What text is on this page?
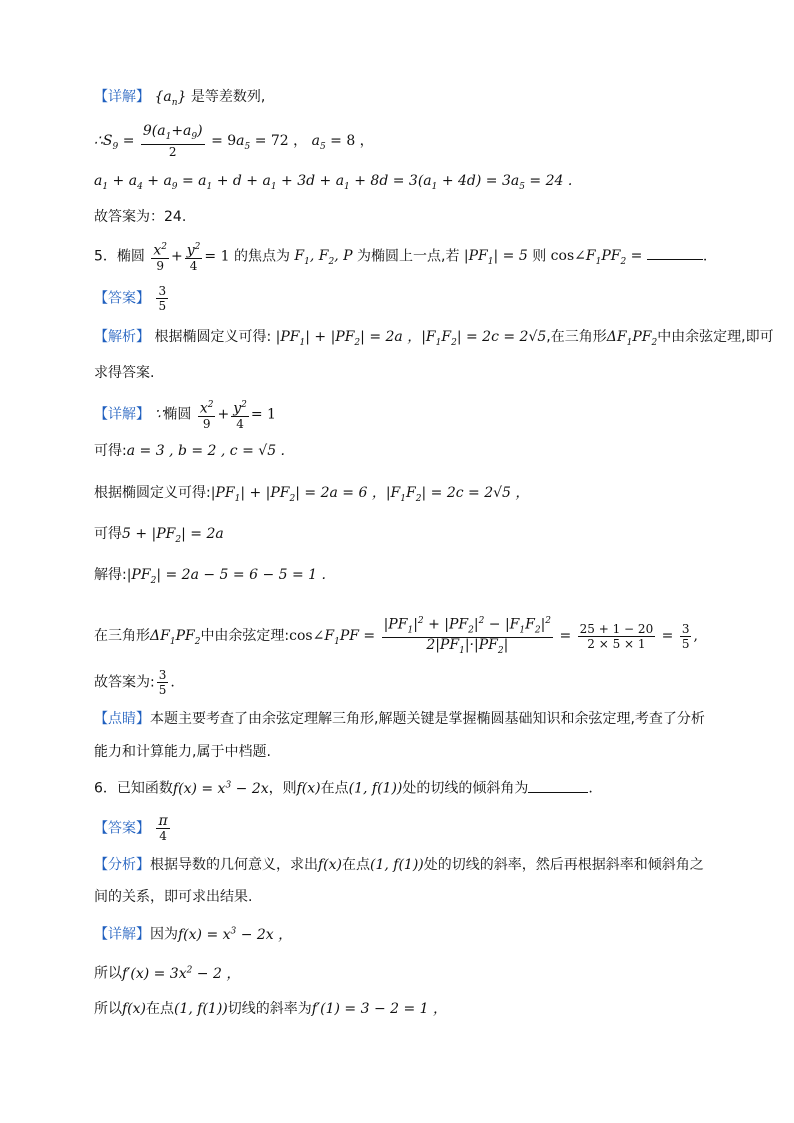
【详解】 $\{a_n\}$ 是等差数列,
$\therefore S_9 = \frac{9(a_1+a_9)}{2} = 9a_5 = 72$ ， $a_5 = 8$ ，
$a_1 + a_4 + a_9 = a_1 + d + a_1 + 3d + a_1 + 8d = 3(a_1 + 4d) = 3a_5 = 24$ .
故答案为：24.
5．椭圆 $\frac{x^2}{9} + \frac{y^2}{4} = 1$ 的焦点为 $F_1$, $F_2$, P 为椭圆上一点,若 $|PF_1| = 5$ 则 $\cos\angle F_1PF_2$ =	.
【答案】 $\frac{3}{5}$
【解析】 根据椭圆定义可得: $|PF_1| + |PF_2| = 2a$ ，$|F_1F_2| = 2c = 2√5$,在三角形$\Delta F_1PF_2$中由余弦定理,即可
求得答案.
【详解】 ∵椭圆 $\frac{x^2}{9} + \frac{y^2}{4} = 1$
可得:a = 3 , b = 2 , c = √5 .
根据椭圆定义可得$:|PF_1| + |PF_2| = 2a = 6$ ，$|F_1F_2| = 2c = 2√5$ ，
可得$5 + |PF_2| = 2a$
解得$:|PF_2| = 2a - 5 = 6 - 5 = 1$ .
在三角形$\Delta F_1PF_2$中由余弦定理$:\cos\angle F_1PF = \frac{|PF_1|^2 + |PF_2|^2 - |F_1F_2|^2}{2|PF_1|\cdot|PF_2|} = \frac{25 + 1 - 20}{2 \times 5 \times 1} = \frac{3}{5}$ ,
故答案为: $\frac{3}{5}$ .
【点睛】本题主要考查了由余弦定理解三角形,解题关键是掌握椭圆基础知识和余弦定理,考查了分析
能力和计算能力,属于中档题.
6．已知函数$f(x) = x^3 - 2x$，则f(x)在点(1, f(1))处的切线的倾斜角为	.
【答案】 $\frac{\pi}{4}$
【分析】根据导数的几何意义，求出f(x)在点(1, f(1))处的切线的斜率，然后再根据斜率和倾斜角之
间的关系，即可求出结果.
【详解】因为$f(x) = x^3 - 2x$ ，
所以$f'(x) = 3x^2 - 2$ ，
所以f(x)在点(1, f(1))切线的斜率为f′(1) = 3 − 2 = 1 ，
